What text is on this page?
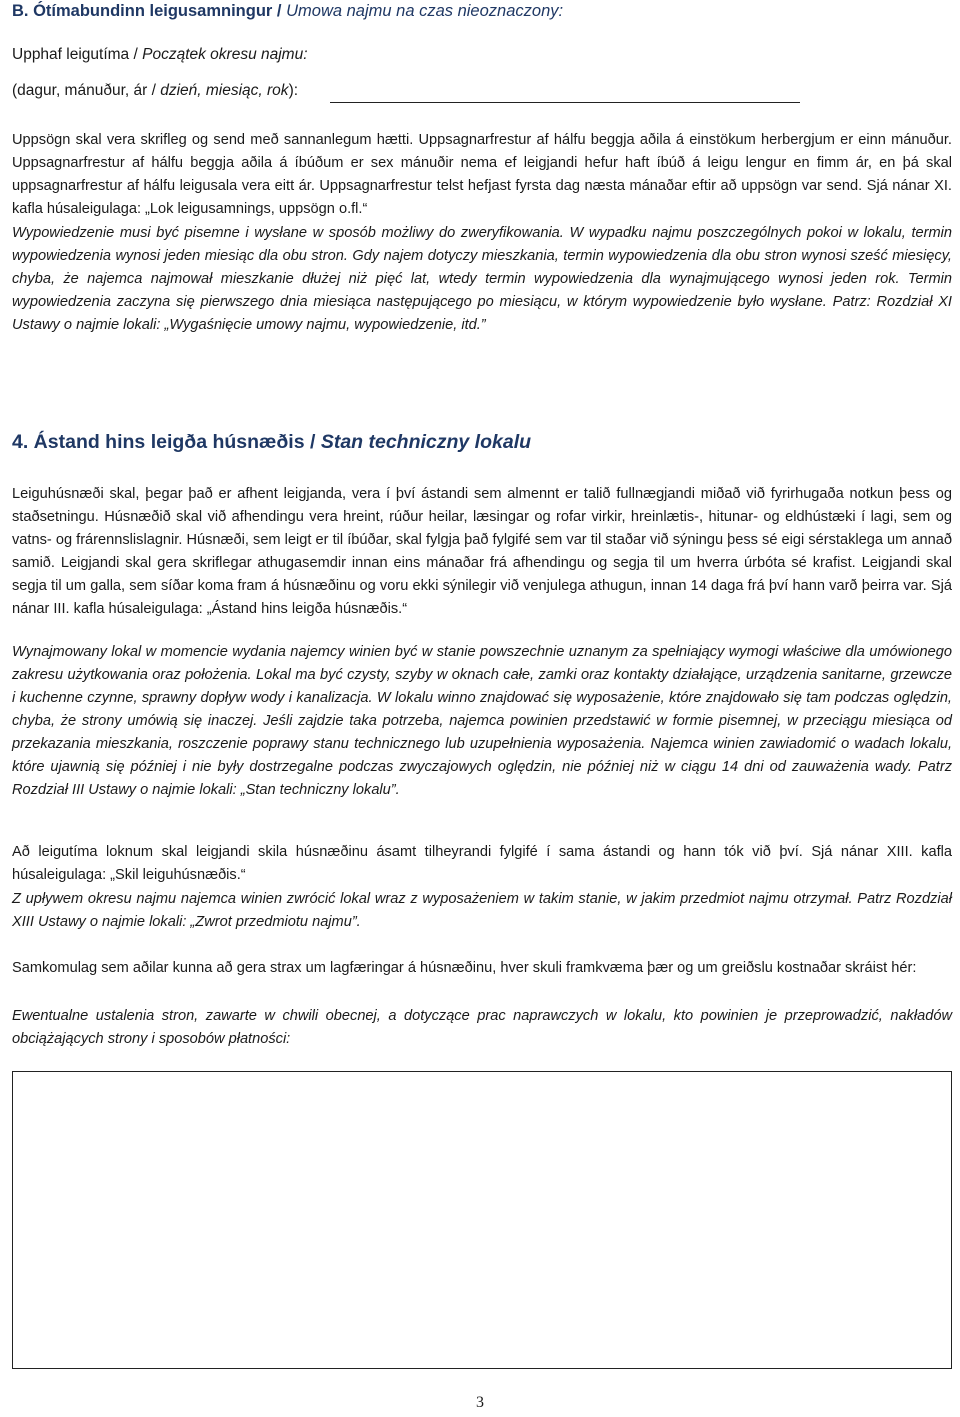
B. Ótímabundinn leigusamningur / Umowa najmu na czas nieoznaczony:

Upphaf leigutíma / Początek okresu najmu:

(dagur, mánuður, ár / dzień, miesiąc, rok):

Uppsögn skal vera skrifleg og send með sannanlegum hætti. Uppsagnarfrestur af hálfu beggja aðila á einstökum herbergjum er einn mánuður. Uppsagnarfrestur af hálfu beggja aðila á íbúðum er sex mánuðir nema ef leigjandi hefur haft íbúð á leigu lengur en fimm ár, en þá skal uppsagnarfrestur af hálfu leigusala vera eitt ár. Uppsagnarfrestur telst hefjast fyrsta dag næsta mánaðar eftir að uppsögn var send. Sjá nánar XI. kafla húsaleigulaga: „Lok leigusamnings, uppsögn o.fl.“

Wypowiedzenie musi być pisemne i wysłane w sposób możliwy do zweryfikowania. W wypadku najmu poszczególnych pokoi w lokalu, termin wypowiedzenia wynosi jeden miesiąc dla obu stron. Gdy najem dotyczy mieszkania, termin wypowiedzenia dla obu stron wynosi sześć miesięcy, chyba, że najemca najmował mieszkanie dłużej niż pięć lat, wtedy termin wypowiedzenia dla wynajmującego wynosi jeden rok. Termin wypowiedzenia zaczyna się pierwszego dnia miesiąca następującego po miesiącu, w którym wypowiedzenie było wysłane. Patrz: Rozdział XI Ustawy o najmie lokali: „Wygaśnięcie umowy najmu, wypowiedzenie, itd.”

4. Ástand hins leigða húsnæðis / Stan techniczny lokalu

Leiguhúsnæði skal, þegar það er afhent leigjanda, vera í því ástandi sem almennt er talið fullnægjandi miðað við fyrirhugaða notkun þess og staðsetningu. Húsnæðið skal við afhendingu vera hreint, rúður heilar, læsingar og rofar virkir, hreinlætis-, hitunar- og eldhústæki í lagi, sem og vatns- og frárennslislagnir. Húsnæði, sem leigt er til íbúðar, skal fylgja það fylgifé sem var til staðar við sýningu þess sé eigi sérstaklega um annað samið. Leigjandi skal gera skriflegar athugasemdir innan eins mánaðar frá afhendingu og segja til um hverra úrbóta sé krafist. Leigjandi skal segja til um galla, sem síðar koma fram á húsnæðinu og voru ekki sýnilegir við venjulega athugun, innan 14 daga frá því hann varð þeirra var. Sjá nánar III. kafla húsaleigulaga: „Ástand hins leigða húsnæðis.“

Wynajmowany lokal w momencie wydania najemcy winien być w stanie powszechnie uznanym za spełniający wymogi właściwe dla umówionego zakresu użytkowania oraz położenia. Lokal ma być czysty, szyby w oknach całe, zamki oraz kontakty działające, urządzenia sanitarne, grzewcze i kuchenne czynne, sprawny dopływ wody i kanalizacja. W lokalu winno znajdować się wyposażenie, które znajdowało się tam podczas oględzin, chyba, że strony umówią się inaczej. Jeśli zajdzie taka potrzeba, najemca powinien przedstawić w formie pisemnej, w przeciągu miesiąca od przekazania mieszkania, roszczenie poprawy stanu technicznego lub uzupełnienia wyposażenia. Najemca winien zawiadomić o wadach lokalu, które ujawnią się później i nie były dostrzegalne podczas zwyczajowych oględzin, nie później niż w ciągu 14 dni od zauważenia wady. Patrz Rozdział III Ustawy o najmie lokali: „Stan techniczny lokalu”.

Að leigutíma loknum skal leigjandi skila húsnæðinu ásamt tilheyrandi fylgifé í sama ástandi og hann tók við því. Sjá nánar XIII. kafla húsaleigulaga: „Skil leiguhúsnæðis.“

Z upływem okresu najmu najemca winien zwrócić lokal wraz z wyposażeniem w takim stanie, w jakim przedmiot najmu otrzymał. Patrz Rozdział XIII Ustawy o najmie lokali: „Zwrot przedmiotu najmu”.

Samkomulag sem aðilar kunna að gera strax um lagfæringar á húsnæðinu, hver skuli framkvæma þær og um greiðslu kostnaðar skráist hér:

Ewentualne ustalenia stron, zawarte w chwili obecnej, a dotyczące prac naprawczych w lokalu, kto powinien je przeprowadzić, nakładów obciążających strony i sposobów płatności:

3
